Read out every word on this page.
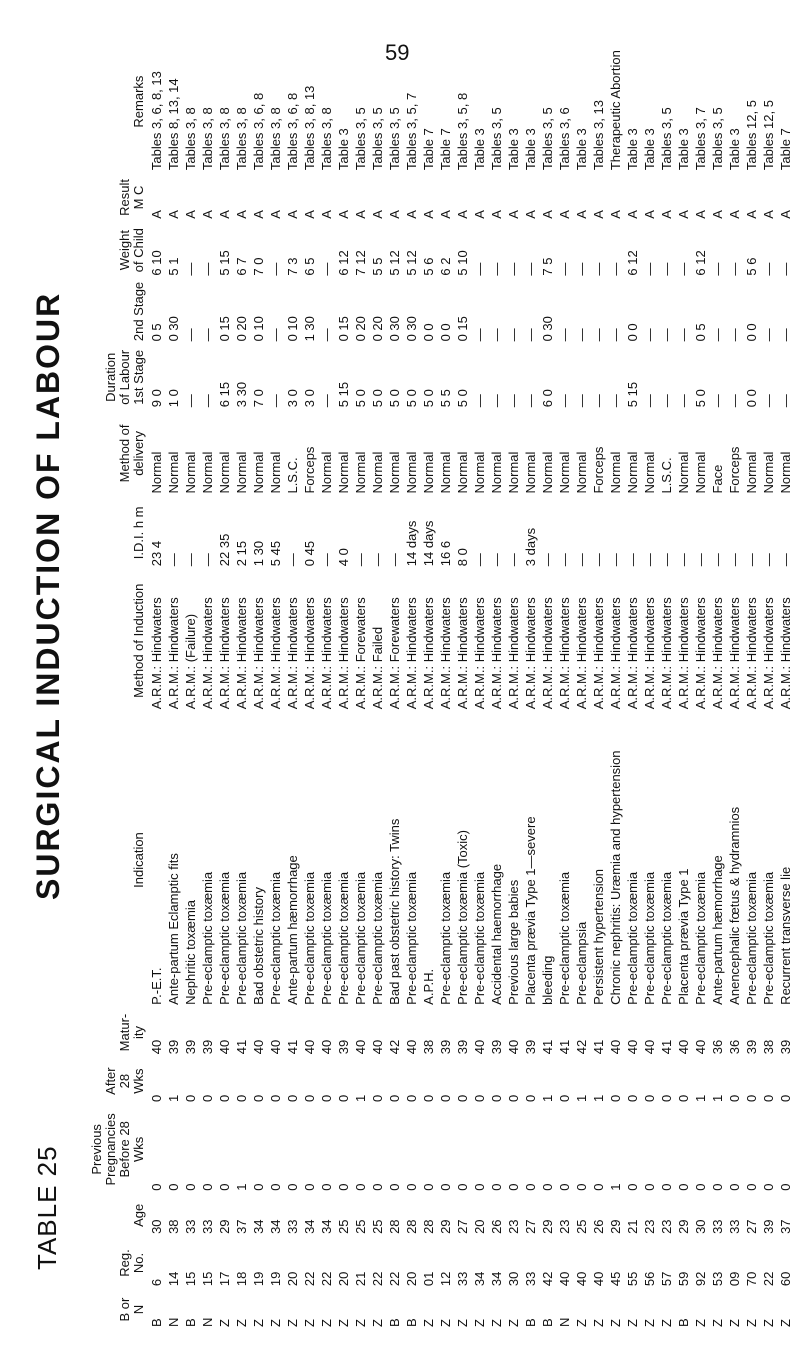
59
TABLE 25
SURGICAL INDUCTION OF LABOUR
B or N	Reg. No.	Age	Previous Pregnancies Before 28 Wks	After 28 Wks	Matur- ity	Indication	Method of Induction	I.D.I. h m	Method of delivery	Duration of Labour 1st Stage	2nd Stage	Weight of Child	Result M C	Remarks
B	6	30	0	0	40	P.-E.T.	A.R.M.: Hindwaters	23 4	Normal	9 0	0 5	6 10	A	Tables 3, 6, 8, 13
N	14	38	0	1	39	Ante-partum Eclamptic fits	A.R.M.: Hindwaters	—	Normal	1 0	0 30	5 1	A	Tables 8, 13, 14
B	15	33	0	0	39	Nephritic toxæmia	A.R.M.: (Failure)	—	Normal	—	—	—	A	Tables 3, 8
N	15	33	0	0	39	Pre-eclamptic toxæmia	A.R.M.: Hindwaters	—	Normal	—	—	—	A	Tables 3, 8
Z	17	29	0	0	40	Pre-eclamptic toxæmia	A.R.M.: Hindwaters	22 35	Normal	6 15	0 15	5 15	A	Tables 3, 8
Z	18	37	1	0	41	Pre-eclamptic toxæmia	A.R.M.: Hindwaters	2 15	Normal	3 30	0 20	6 7	A	Tables 3, 8
Z	19	34	0	0	40	Bad obstetric history	A.R.M.: Hindwaters	1 30	Normal	7 0	0 10	7 0	A	Tables 3, 6, 8
Z	19	34	0	0	40	Pre-eclamptic toxæmia	A.R.M.: Hindwaters	5 45	Normal	—	—	—	A	Tables 3, 8
Z	20	33	0	0	41	Ante-partum hæmorrhage	A.R.M.: Hindwaters	—	L.S.C.	3 0	0 10	7 3	A	Tables 3, 6, 8
Z	22	34	0	0	40	Pre-eclamptic toxæmia	A.R.M.: Hindwaters	0 45	Forceps	3 0	1 30	6 5	A	Tables 3, 8, 13
Z	22	34	0	0	40	Pre-eclamptic toxæmia	A.R.M.: Hindwaters	—	Normal	—	—	—	A	Tables 3, 8
Z	20	25	0	0	39	Pre-eclamptic toxæmia	A.R.M.: Hindwaters	4 0	Normal	5 15	0 15	6 12	A	Table 3
Z	21	25	0	1	40	Pre-eclamptic toxæmia	A.R.M.: Forewaters	—	Normal	5 0	0 20	7 12	A	Tables 3, 5
Z	22	25	0	0	40	Pre-eclamptic toxæmia	A.R.M.: Failed	—	Normal	5 0	0 20	5 5	A	Tables 3, 5
B	22	28	0	0	42	Bad past obstetric history: Twins	A.R.M.: Forewaters	—	Normal	5 0	0 30	5 12	A	Tables 3, 5
B	20	28	0	0	40	Pre-eclamptic toxæmia	A.R.M.: Hindwaters	14 days	Normal	5 0	0 30	5 12	A	Tables 3, 5, 7
Z	01	28	0	0	38	A.P.H.	A.R.M.: Hindwaters	14 days	Normal	5 0	0 0	5 6	A	Table 7
Z	12	29	0	0	39	Pre-eclamptic toxæmia	A.R.M.: Hindwaters	16 6	Normal	5 5	0 0	6 2	A	Table 7
Z	33	27	0	0	39	Pre-eclamptic toxæmia (Toxic)	A.R.M.: Hindwaters	8 0	Normal	5 0	0 15	5 10	A	Tables 3, 5, 8
Z	34	20	0	0	40	Pre-eclamptic toxæmia	A.R.M.: Hindwaters	—	Normal	—	—	—	A	Table 3
Z	34	26	0	0	39	Accidental haemorrhage	A.R.M.: Hindwaters	—	Normal	—	—	—	A	Tables 3, 5
Z	30	23	0	0	40	Previous large babies	A.R.M.: Hindwaters	—	Normal	—	—	—	A	Table 3
B	33	27	0	0	39	Placenta prævia Type 1—severe	A.R.M.: Hindwaters	3 days	Normal	—	—	—	A	Table 3
B	42	29	0	1	41	bleeding	A.R.M.: Hindwaters	—	Normal	6 0	0 30	7 5	A	Tables 3, 5
N	40	23	0	0	41	Pre-eclamptic toxæmia	A.R.M.: Hindwaters	—	Normal	—	—	—	A	Tables 3, 6
Z	40	25	0	1	42	Pre-eclampsia	A.R.M.: Hindwaters	—	Normal	—	—	—	A	Table 3
Z	40	26	0	1	41	Persistent hypertension	A.R.M.: Hindwaters	—	Forceps	—	—	—	A	Tables 3, 13
Z	45	29	1	0	40	Chronic nephritis: Uræmia and hypertension	A.R.M.: Hindwaters	—	Normal	—	—	—	A	Therapeutic Abortion
Z	55	21	0	0	40	Pre-eclamptic toxæmia	A.R.M.: Hindwaters	—	Normal	5 15	0 0	6 12	A	Table 3
Z	56	23	0	0	40	Pre-eclamptic toxæmia	A.R.M.: Hindwaters	—	Normal	—	—	—	A	Table 3
Z	57	23	0	0	41	Pre-eclamptic toxæmia	A.R.M.: Hindwaters	—	L.S.C.	—	—	—	A	Tables 3, 5
B	59	29	0	0	40	Placenta prævia Type 1	A.R.M.: Hindwaters	—	Normal	—	—	—	A	Table 3
Z	92	30	0	1	40	Pre-eclamptic toxæmia	A.R.M.: Hindwaters	—	Normal	5 0	0 5	6 12	A	Tables 3, 7
Z	53	33	0	1	36	Ante-partum hæmorrhage	A.R.M.: Hindwaters	—	Face	—	—	—	A	Tables 3, 5
Z	09	33	0	0	36	Anencephalic fœtus & hydramnios	A.R.M.: Hindwaters	—	Forceps	—	—	—	A	Table 3
Z	70	27	0	0	39	Pre-eclamptic toxæmia	A.R.M.: Hindwaters	—	Normal	0 0	0 0	5 6	A	Tables 12, 5
Z	22	39	0	0	38	Pre-eclamptic toxæmia	A.R.M.: Hindwaters	—	Normal	—	—	—	A	Tables 12, 5
Z	60	37	0	0	39	Recurrent transverse lie	A.R.M.: Hindwaters	—	Normal	—	—	—	A	Table 7
